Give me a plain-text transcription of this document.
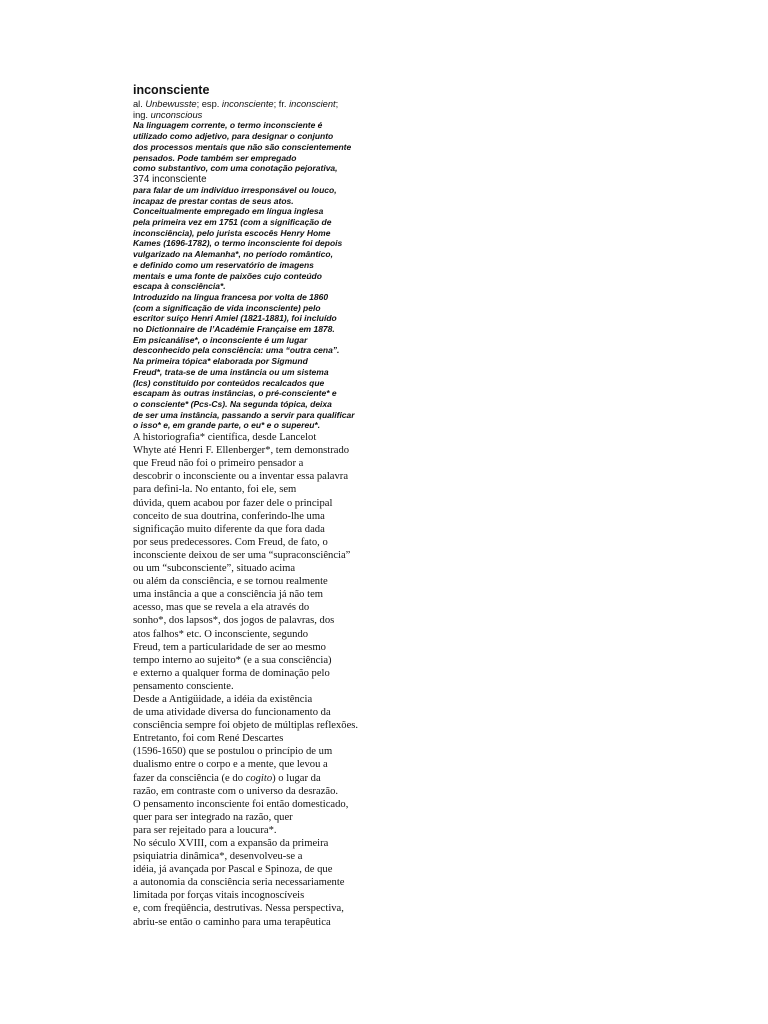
inconsciente
al. Unbewusste; esp. inconsciente; fr. inconscient;
ing. unconscious
Na linguagem corrente, o termo inconsciente é
utilizado como adjetivo, para designar o conjunto
dos processos mentais que não são conscientemente
pensados. Pode também ser empregado
como substantivo, com uma conotação pejorativa,
374 inconsciente
para falar de um indivíduo irresponsável ou louco,
incapaz de prestar contas de seus atos.
Conceitualmente empregado em língua inglesa
pela primeira vez em 1751 (com a significação de
inconsciência), pelo jurista escocês Henry Home
Kames (1696-1782), o termo inconsciente foi depois
vulgarizado na Alemanha*, no período romântico,
e definido como um reservatório de imagens
mentais e uma fonte de paixões cujo conteúdo
escapa à consciência*.
Introduzido na língua francesa por volta de 1860
(com a significação de vida inconsciente) pelo
escritor suíço Henri Amiel (1821-1881), foi incluído
no Dictionnaire de l’Académie Française em 1878.
Em psicanálise*, o inconsciente é um lugar
desconhecido pela consciência: uma “outra cena”.
Na primeira tópica* elaborada por Sigmund
Freud*, trata-se de uma instância ou um sistema
(Ics) constituído por conteúdos recalcados que
escapam às outras instâncias, o pré-consciente* e
o consciente* (Pcs-Cs). Na segunda tópica, deixa
de ser uma instância, passando a servir para qualificar
o isso* e, em grande parte, o eu* e o supereu*.
A historiografia* científica, desde Lancelot
Whyte até Henri F. Ellenberger*, tem demonstrado
que Freud não foi o primeiro pensador a
descobrir o inconsciente ou a inventar essa palavra
para defini-la. No entanto, foi ele, sem
dúvida, quem acabou por fazer dele o principal
conceito de sua doutrina, conferindo-lhe uma
significação muito diferente da que fora dada
por seus predecessores. Com Freud, de fato, o
inconsciente deixou de ser uma “supraconsciência”
ou um “subconsciente”, situado acima
ou além da consciência, e se tornou realmente
uma instância a que a consciência já não tem
acesso, mas que se revela a ela através do
sonho*, dos lapsos*, dos jogos de palavras, dos
atos falhos* etc. O inconsciente, segundo
Freud, tem a particularidade de ser ao mesmo
tempo interno ao sujeito* (e a sua consciência)
e externo a qualquer forma de dominação pelo
pensamento consciente.
Desde a Antigüidade, a idéia da existência
de uma atividade diversa do funcionamento da
consciência sempre foi objeto de múltiplas reflexões.
Entretanto, foi com René Descartes
(1596-1650) que se postulou o princípio de um
dualismo entre o corpo e a mente, que levou a
fazer da consciência (e do cogito) o lugar da
razão, em contraste com o universo da desrazão.
O pensamento inconsciente foi então domesticado,
quer para ser integrado na razão, quer
para ser rejeitado para a loucura*.
No século XVIII, com a expansão da primeira
psiquiatria dinâmica*, desenvolveu-se a
idéia, já avançada por Pascal e Spinoza, de que
a autonomia da consciência seria necessariamente
limitada por forças vitais incognoscíveis
e, com freqüência, destrutivas. Nessa perspectiva,
abriu-se então o caminho para uma terapêutica
